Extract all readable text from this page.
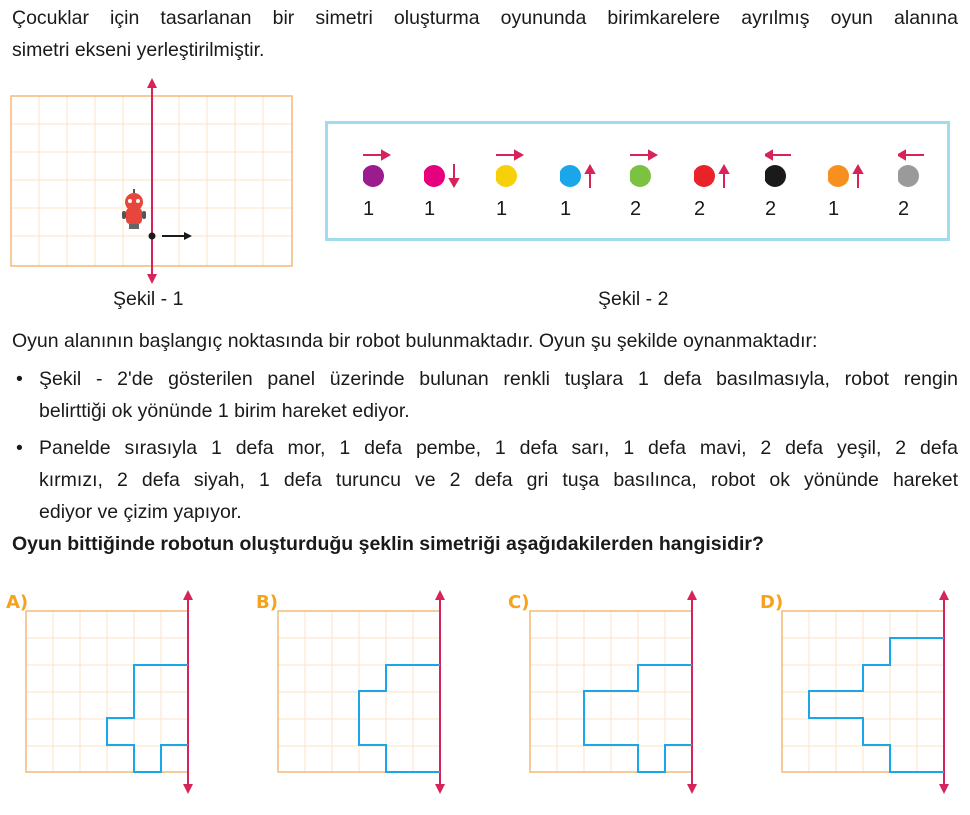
Çocuklar için tasarlanan bir simetri oluşturma oyununda birimkarelere ayrılmış oyun alanına
simetri ekseni yerleştirilmiştir.
Şekil - 1
1	1	1	1	2	2	2	1	2
Şekil - 2
Oyun alanının başlangıç noktasında bir robot bulunmaktadır. Oyun şu şekilde oynanmaktadır:
• Şekil - 2'de gösterilen panel üzerinde bulunan renkli tuşlara 1 defa basılmasıyla, robot rengin
belirttiği ok yönünde 1 birim hareket ediyor.
• Panelde sırasıyla 1 defa mor, 1 defa pembe, 1 defa sarı, 1 defa mavi, 2 defa yeşil, 2 defa
kırmızı, 2 defa siyah, 1 defa turuncu ve 2 defa gri tuşa basılınca, robot ok yönünde hareket
ediyor ve çizim yapıyor.
Oyun bittiğinde robotun oluşturduğu şeklin simetriği aşağıdakilerden hangisidir?
A)	B)	C)	D)
